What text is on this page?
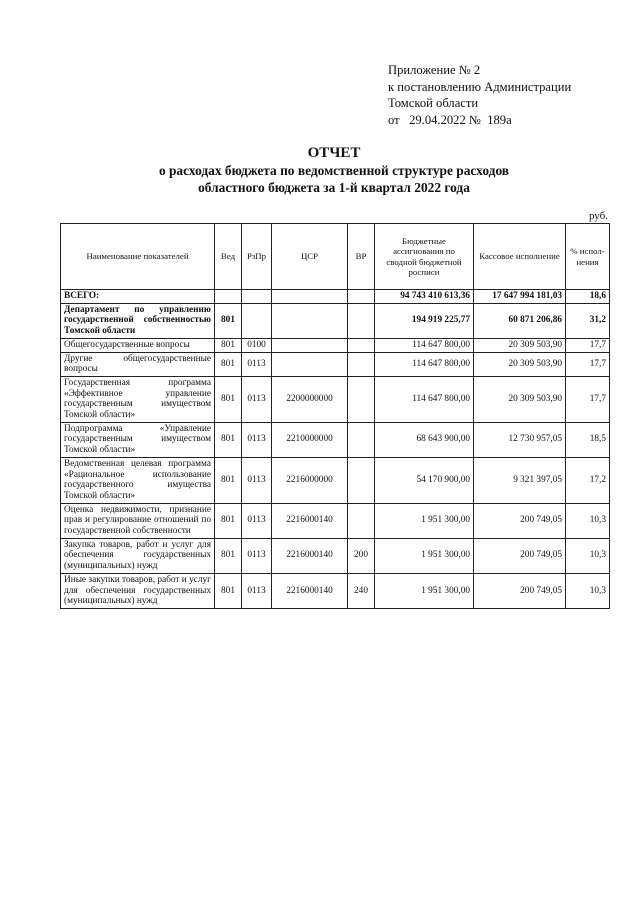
Приложение № 2
к постановлению Администрации
Томской области
от   29.04.2022 №  189а
ОТЧЕТ
о расходах бюджета по ведомственной структуре расходов
областного бюджета за 1-й квартал 2022 года
руб.
Наименование показателей	Вед	РзПр	ЦСР	ВР	Бюджетные ассигнования по сводной бюджетной росписи	Кассовое исполнение	% испол-нения
ВСЕГО:					94 743 410 613,36	17 647 994 181,03	18,6
Департамент по управлению государственной собственностью Томской области	801				194 919 225,77	60 871 206,86	31,2
Общегосударственные вопросы	801	0100			114 647 800,00	20 309 503,90	17,7
Другие общегосударственные вопросы	801	0113			114 647 800,00	20 309 503,90	17,7
Государственная программа «Эффективное управление государственным имуществом Томской области»	801	0113	2200000000		114 647 800,00	20 309 503,90	17,7
Подпрограмма «Управление государственным имуществом Томской области»	801	0113	2210000000		68 643 900,00	12 730 957,05	18,5
Ведомственная целевая программа «Рациональное использование государственного имущества Томской области»	801	0113	2216000000		54 170 900,00	9 321 397,05	17,2
Оценка недвижимости, признание прав и регулирование отношений по государственной собственности	801	0113	2216000140		1 951 300,00	200 749,05	10,3
Закупка товаров, работ и услуг для обеспечения государственных (муниципальных) нужд	801	0113	2216000140	200	1 951 300,00	200 749,05	10,3
Иные закупки товаров, работ и услуг для обеспечения государственных (муниципальных) нужд	801	0113	2216000140	240	1 951 300,00	200 749,05	10,3
